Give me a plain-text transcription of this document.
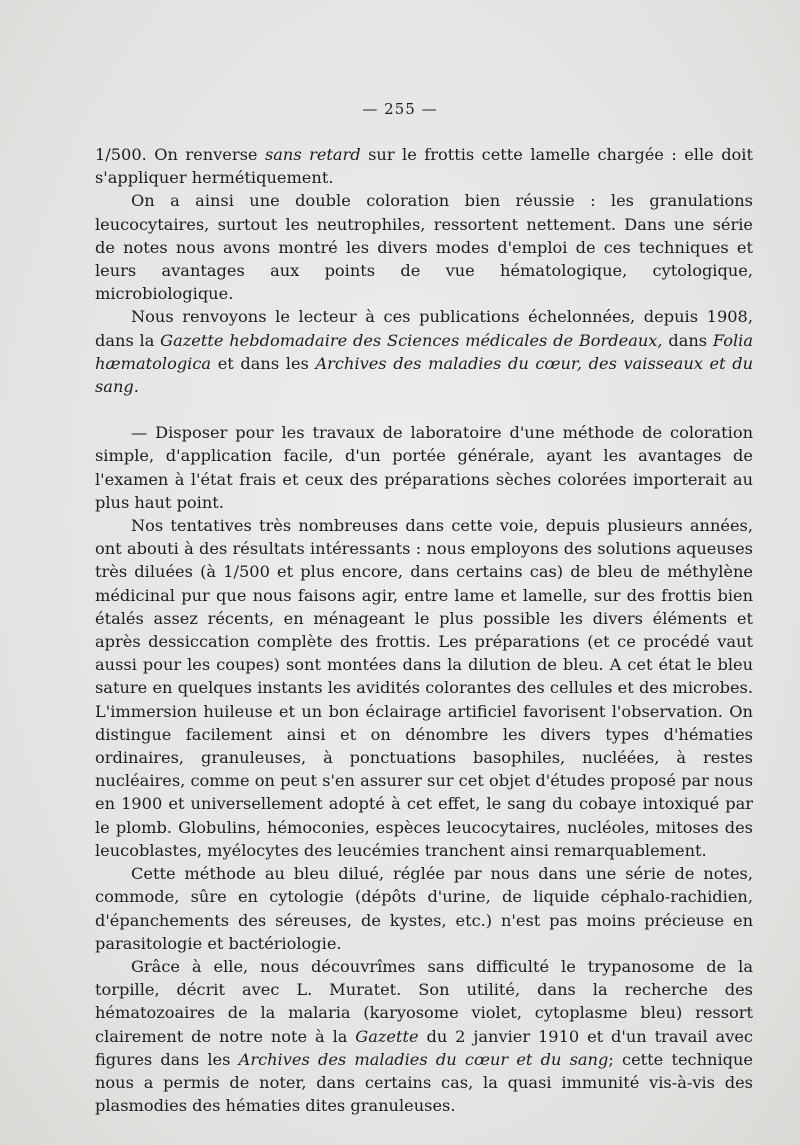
— 255 —

1/500. On renverse sans retard sur le frottis cette lamelle chargée : elle doit s'appliquer hermétiquement.

On a ainsi une double coloration bien réussie : les granulations leucocytaires, surtout les neutrophiles, ressortent nettement. Dans une série de notes nous avons montré les divers modes d'emploi de ces techniques et leurs avantages aux points de vue hématologique, cytologique, microbiologique.

Nous renvoyons le lecteur à ces publications échelonnées, depuis 1908, dans la Gazette hebdomadaire des Sciences médicales de Bordeaux, dans Folia hæmatologica et dans les Archives des maladies du cœur, des vaisseaux et du sang.

— Disposer pour les travaux de laboratoire d'une méthode de coloration simple, d'application facile, d'un portée générale, ayant les avantages de l'examen à l'état frais et ceux des préparations sèches colorées importerait au plus haut point.

Nos tentatives très nombreuses dans cette voie, depuis plusieurs années, ont abouti à des résultats intéressants : nous employons des solutions aqueuses très diluées (à 1/500 et plus encore, dans certains cas) de bleu de méthylène médicinal pur que nous faisons agir, entre lame et lamelle, sur des frottis bien étalés assez récents, en ménageant le plus possible les divers éléments et après dessiccation complète des frottis. Les préparations (et ce procédé vaut aussi pour les coupes) sont montées dans la dilution de bleu. A cet état le bleu sature en quelques instants les avidités colorantes des cellules et des microbes. L'immersion huileuse et un bon éclairage artificiel favorisent l'observation. On distingue facilement ainsi et on dénombre les divers types d'hématies ordinaires, granuleuses, à ponctuations basophiles, nucléées, à restes nucléaires, comme on peut s'en assurer sur cet objet d'études proposé par nous en 1900 et universellement adopté à cet effet, le sang du cobaye intoxiqué par le plomb. Globulins, hémoconies, espèces leucocytaires, nucléoles, mitoses des leucoblastes, myélocytes des leucémies tranchent ainsi remarquablement.

Cette méthode au bleu dilué, réglée par nous dans une série de notes, commode, sûre en cytologie (dépôts d'urine, de liquide céphalo-rachidien, d'épanchements des séreuses, de kystes, etc.) n'est pas moins précieuse en parasitologie et bactériologie.

Grâce à elle, nous découvrîmes sans difficulté le trypanosome de la torpille, décrit avec L. Muratet. Son utilité, dans la recherche des hématozoaires de la malaria (karyosome violet, cytoplasme bleu) ressort clairement de notre note à la Gazette du 2 janvier 1910 et d'un travail avec figures dans les Archives des maladies du cœur et du sang; cette technique nous a permis de noter, dans certains cas, la quasi immunité vis-à-vis des plasmodies des hématies dites granuleuses.
